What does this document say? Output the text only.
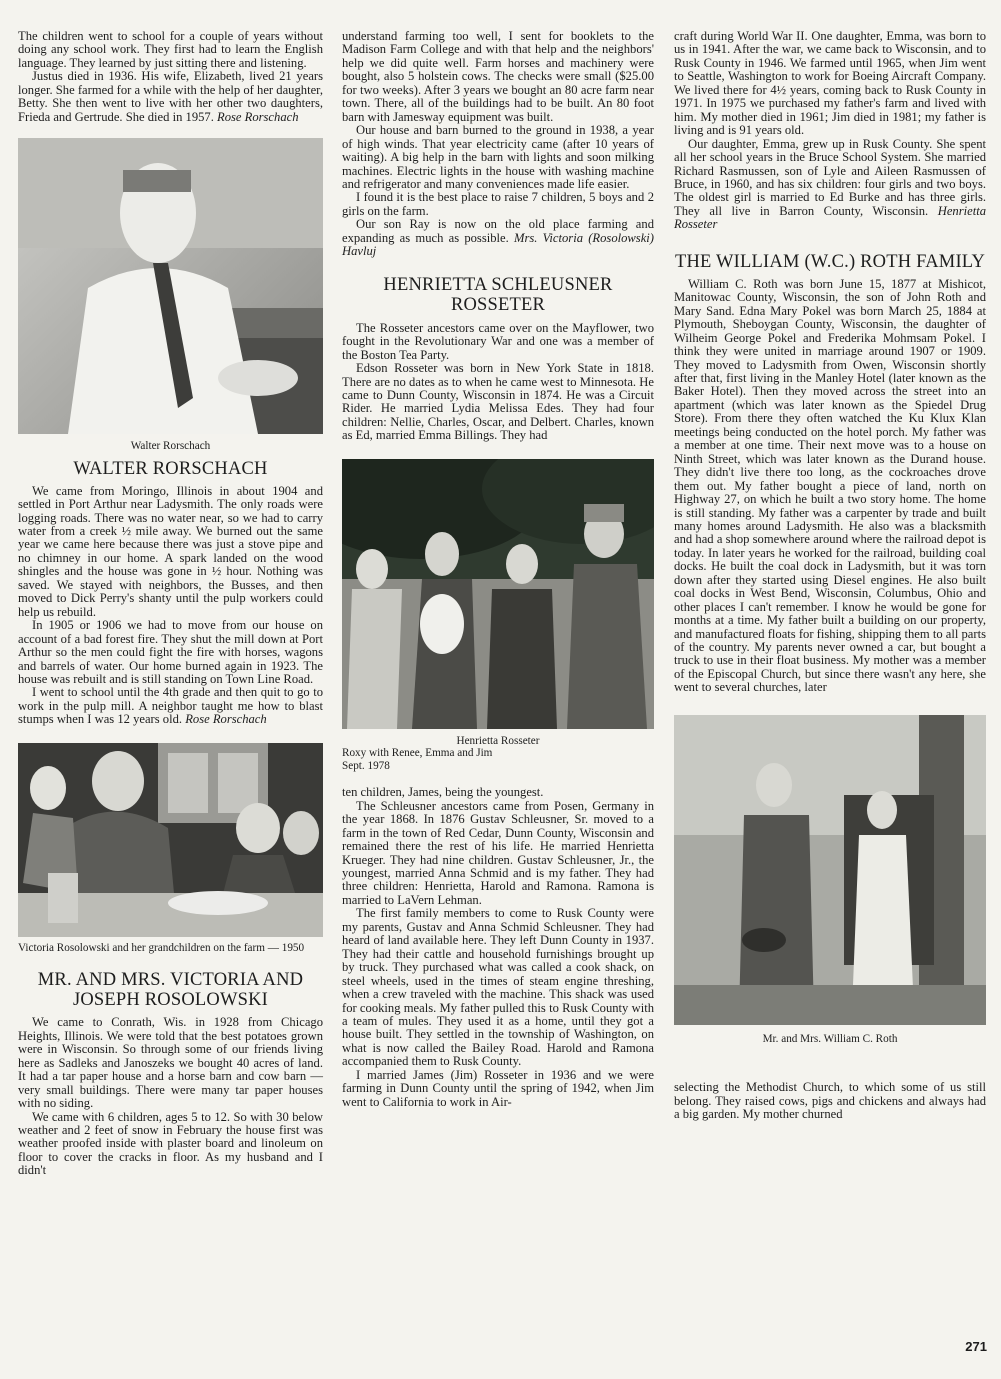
The children went to school for a couple of years without doing any school work. They first had to learn the English language. They learned by just sitting there and listening.

Justus died in 1936. His wife, Elizabeth, lived 21 years longer. She farmed for a while with the help of her daughter, Betty. She then went to live with her other two daughters, Frieda and Gertrude. She died in 1957. Rose Rorschach

Walter Rorschach
WALTER RORSCHACH

We came from Moringo, Illinois in about 1904 and settled in Port Arthur near Ladysmith. The only roads were logging roads. There was no water near, so we had to carry water from a creek ½ mile away. We burned out the same year we came here because there was just a stove pipe and no chimney in our home. A spark landed on the wood shingles and the house was gone in ½ hour. Nothing was saved. We stayed with neighbors, the Busses, and then moved to Dick Perry's shanty until the pulp workers could help us rebuild.

In 1905 or 1906 we had to move from our house on account of a bad forest fire. They shut the mill down at Port Arthur so the men could fight the fire with horses, wagons and barrels of water. Our home burned again in 1923. The house was rebuilt and is still standing on Town Line Road.

I went to school until the 4th grade and then quit to go to work in the pulp mill. A neighbor taught me how to blast stumps when I was 12 years old. Rose Rorschach

Victoria Rosolowski and her grandchildren on the farm — 1950
MR. AND MRS. VICTORIA AND JOSEPH ROSOLOWSKI

We came to Conrath, Wis. in 1928 from Chicago Heights, Illinois. We were told that the best potatoes grown were in Wisconsin. So through some of our friends living here as Sadleks and Janoszeks we bought 40 acres of land. It had a tar paper house and a horse barn and cow barn — very small buildings. There were many tar paper houses with no siding.

We came with 6 children, ages 5 to 12. So with 30 below weather and 2 feet of snow in February the house first was weather proofed inside with plaster board and linoleum on floor to cover the cracks in floor. As my husband and I didn't

understand farming too well, I sent for booklets to the Madison Farm College and with that help and the neighbors' help we did quite well. Farm horses and machinery were bought, also 5 holstein cows. The checks were small ($25.00 for two weeks). After 3 years we bought an 80 acre farm near town. There, all of the buildings had to be built. An 80 foot barn with Jamesway equipment was built.

Our house and barn burned to the ground in 1938, a year of high winds. That year electricity came (after 10 years of waiting). A big help in the barn with lights and soon milking machines. Electric lights in the house with washing machine and refrigerator and many conveniences made life easier.

I found it is the best place to raise 7 children, 5 boys and 2 girls on the farm.

Our son Ray is now on the old place farming and expanding as much as possible. Mrs. Victoria (Rosolowski) Havluj

HENRIETTA SCHLEUSNER ROSSETER

The Rosseter ancestors came over on the Mayflower, two fought in the Revolutionary War and one was a member of the Boston Tea Party.

Edson Rosseter was born in New York State in 1818. There are no dates as to when he came west to Minnesota. He came to Dunn County, Wisconsin in 1874. He was a Circuit Rider. He married Lydia Melissa Edes. They had four children: Nellie, Charles, Oscar, and Delbert. Charles, known as Ed, married Emma Billings. They had

Henrietta Rosseter
Roxy with Renee, Emma and Jim
Sept. 1978

ten children, James, being the youngest.

The Schleusner ancestors came from Posen, Germany in the year 1868. In 1876 Gustav Schleusner, Sr. moved to a farm in the town of Red Cedar, Dunn County, Wisconsin and remained there the rest of his life. He married Henrietta Krueger. They had nine children. Gustav Schleusner, Jr., the youngest, married Anna Schmid and is my father. They had three children: Henrietta, Harold and Ramona. Ramona is married to LaVern Lehman.

The first family members to come to Rusk County were my parents, Gustav and Anna Schmid Schleusner. They had heard of land available here. They left Dunn County in 1937. They had their cattle and household furnishings brought up by truck. They purchased what was called a cook shack, on steel wheels, used in the times of steam engine threshing, when a crew traveled with the machine. This shack was used for cooking meals. My father pulled this to Rusk County with a team of mules. They used it as a home, until they got a house built. They settled in the township of Washington, on what is now called the Bailey Road. Harold and Ramona accompanied them to Rusk County.

I married James (Jim) Rosseter in 1936 and we were farming in Dunn County until the spring of 1942, when Jim went to California to work in Air-

craft during World War II. One daughter, Emma, was born to us in 1941. After the war, we came back to Wisconsin, and to Rusk County in 1946. We farmed until 1965, when Jim went to Seattle, Washington to work for Boeing Aircraft Company. We lived there for 4½ years, coming back to Rusk County in 1971. In 1975 we purchased my father's farm and lived with him. My mother died in 1961; Jim died in 1981; my father is living and is 91 years old.

Our daughter, Emma, grew up in Rusk County. She spent all her school years in the Bruce School System. She married Richard Rasmussen, son of Lyle and Aileen Rasmussen of Bruce, in 1960, and has six children: four girls and two boys. The oldest girl is married to Ed Burke and has three girls. They all live in Barron County, Wisconsin. Henrietta Rosseter

THE WILLIAM (W.C.) ROTH FAMILY

William C. Roth was born June 15, 1877 at Mishicot, Manitowac County, Wisconsin, the son of John Roth and Mary Sand. Edna Mary Pokel was born March 25, 1884 at Plymouth, Sheboygan County, Wisconsin, the daughter of Wilheim George Pokel and Frederika Mohmsam Pokel. I think they were united in marriage around 1907 or 1909. They moved to Ladysmith from Owen, Wisconsin shortly after that, first living in the Manley Hotel (later known as the Baker Hotel). Then they moved across the street into an apartment (which was later known as the Spiedel Drug Store). From there they often watched the Ku Klux Klan meetings being conducted on the hotel porch. My father was a member at one time. Their next move was to a house on Ninth Street, which was later known as the Durand house. They didn't live there too long, as the cockroaches drove them out. My father bought a piece of land, north on Highway 27, on which he built a two story home. The home is still standing. My father was a carpenter by trade and built many homes around Ladysmith. He also was a blacksmith and had a shop somewhere around where the railroad depot is today. In later years he worked for the railroad, building coal docks. He built the coal dock in Ladysmith, but it was torn down after they started using Diesel engines. He also built coal docks in West Bend, Wisconsin, Columbus, Ohio and other places I can't remember. I know he would be gone for months at a time. My father built a building on our property, and manufactured floats for fishing, shipping them to all parts of the country. My parents never owned a car, but bought a truck to use in their float business. My mother was a member of the Episcopal Church, but since there wasn't any here, she went to several churches, later

Mr. and Mrs. William C. Roth

selecting the Methodist Church, to which some of us still belong. They raised cows, pigs and chickens and always had a big garden. My mother churned

271
